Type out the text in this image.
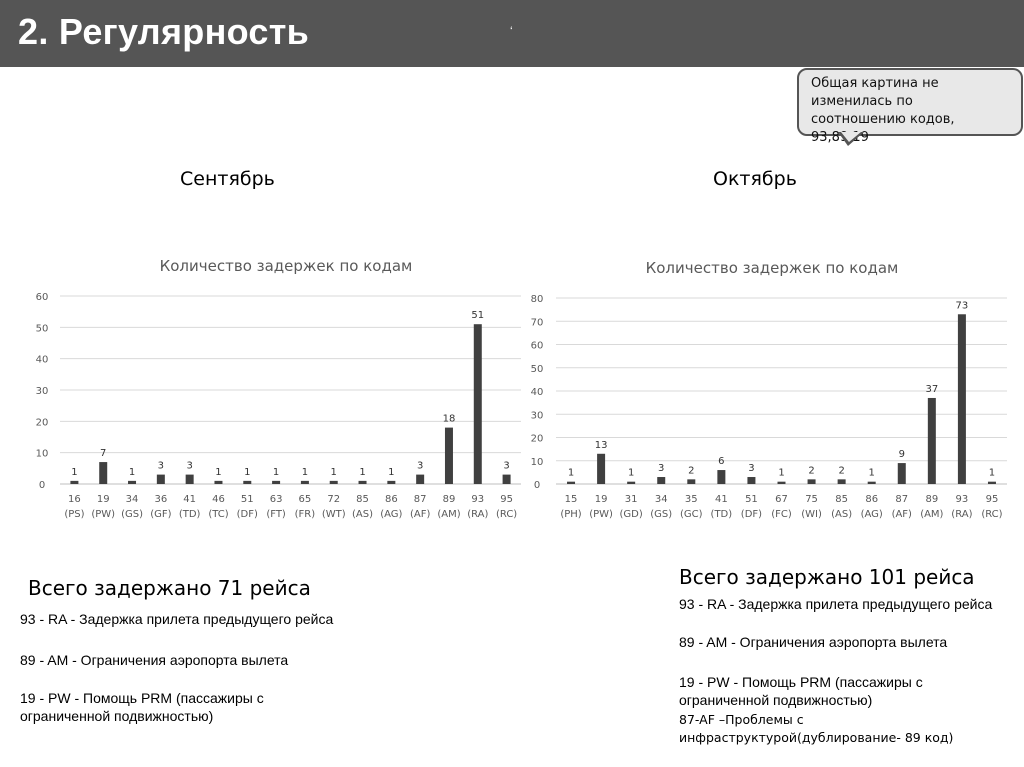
2. Регулярность	‘
Общая картина не изменилась по соотношению кодов, 93,89,19
Сентябрь	Октябрь
Количество задержек по кодам
0
10
20
30
40
50
60
1
16
(PS)
7
19
(PW)
1
34
(GS)
3
36
(GF)
3
41
(TD)
1
46
(TC)
1
51
(DF)
1
63
(FT)
1
65
(FR)
1
72
(WT)
1
85
(AS)
1
86
(AG)
3
87
(AF)
18
89
(AM)
51
93
(RA)
3
95
(RC)
Количество задержек по кодам
0
10
20
30
40
50
60
70
80
1
15
(PH)
13
19
(PW)
1
31
(GD)
3
34
(GS)
2
35
(GC)
6
41
(TD)
3
51
(DF)
1
67
(FC)
2
75
(WI)
2
85
(AS)
1
86
(AG)
9
87
(AF)
37
89
(AM)
73
93
(RA)
1
95
(RC)
Всего задержано 71 рейса
93 - RA - Задержка прилета предыдущего рейса
89 - AM - Ограничения аэропорта вылета
19 - PW - Помощь PRM (пассажиры с ограниченной подвижностью)
Всего задержано 101 рейса
93 - RA - Задержка прилета предыдущего рейса
89 - AM - Ограничения аэропорта вылета
19 - PW - Помощь PRM (пассажиры с ограниченной подвижностью)
87-AF –Проблемы с инфраструктурой(дублирование- 89 код)
